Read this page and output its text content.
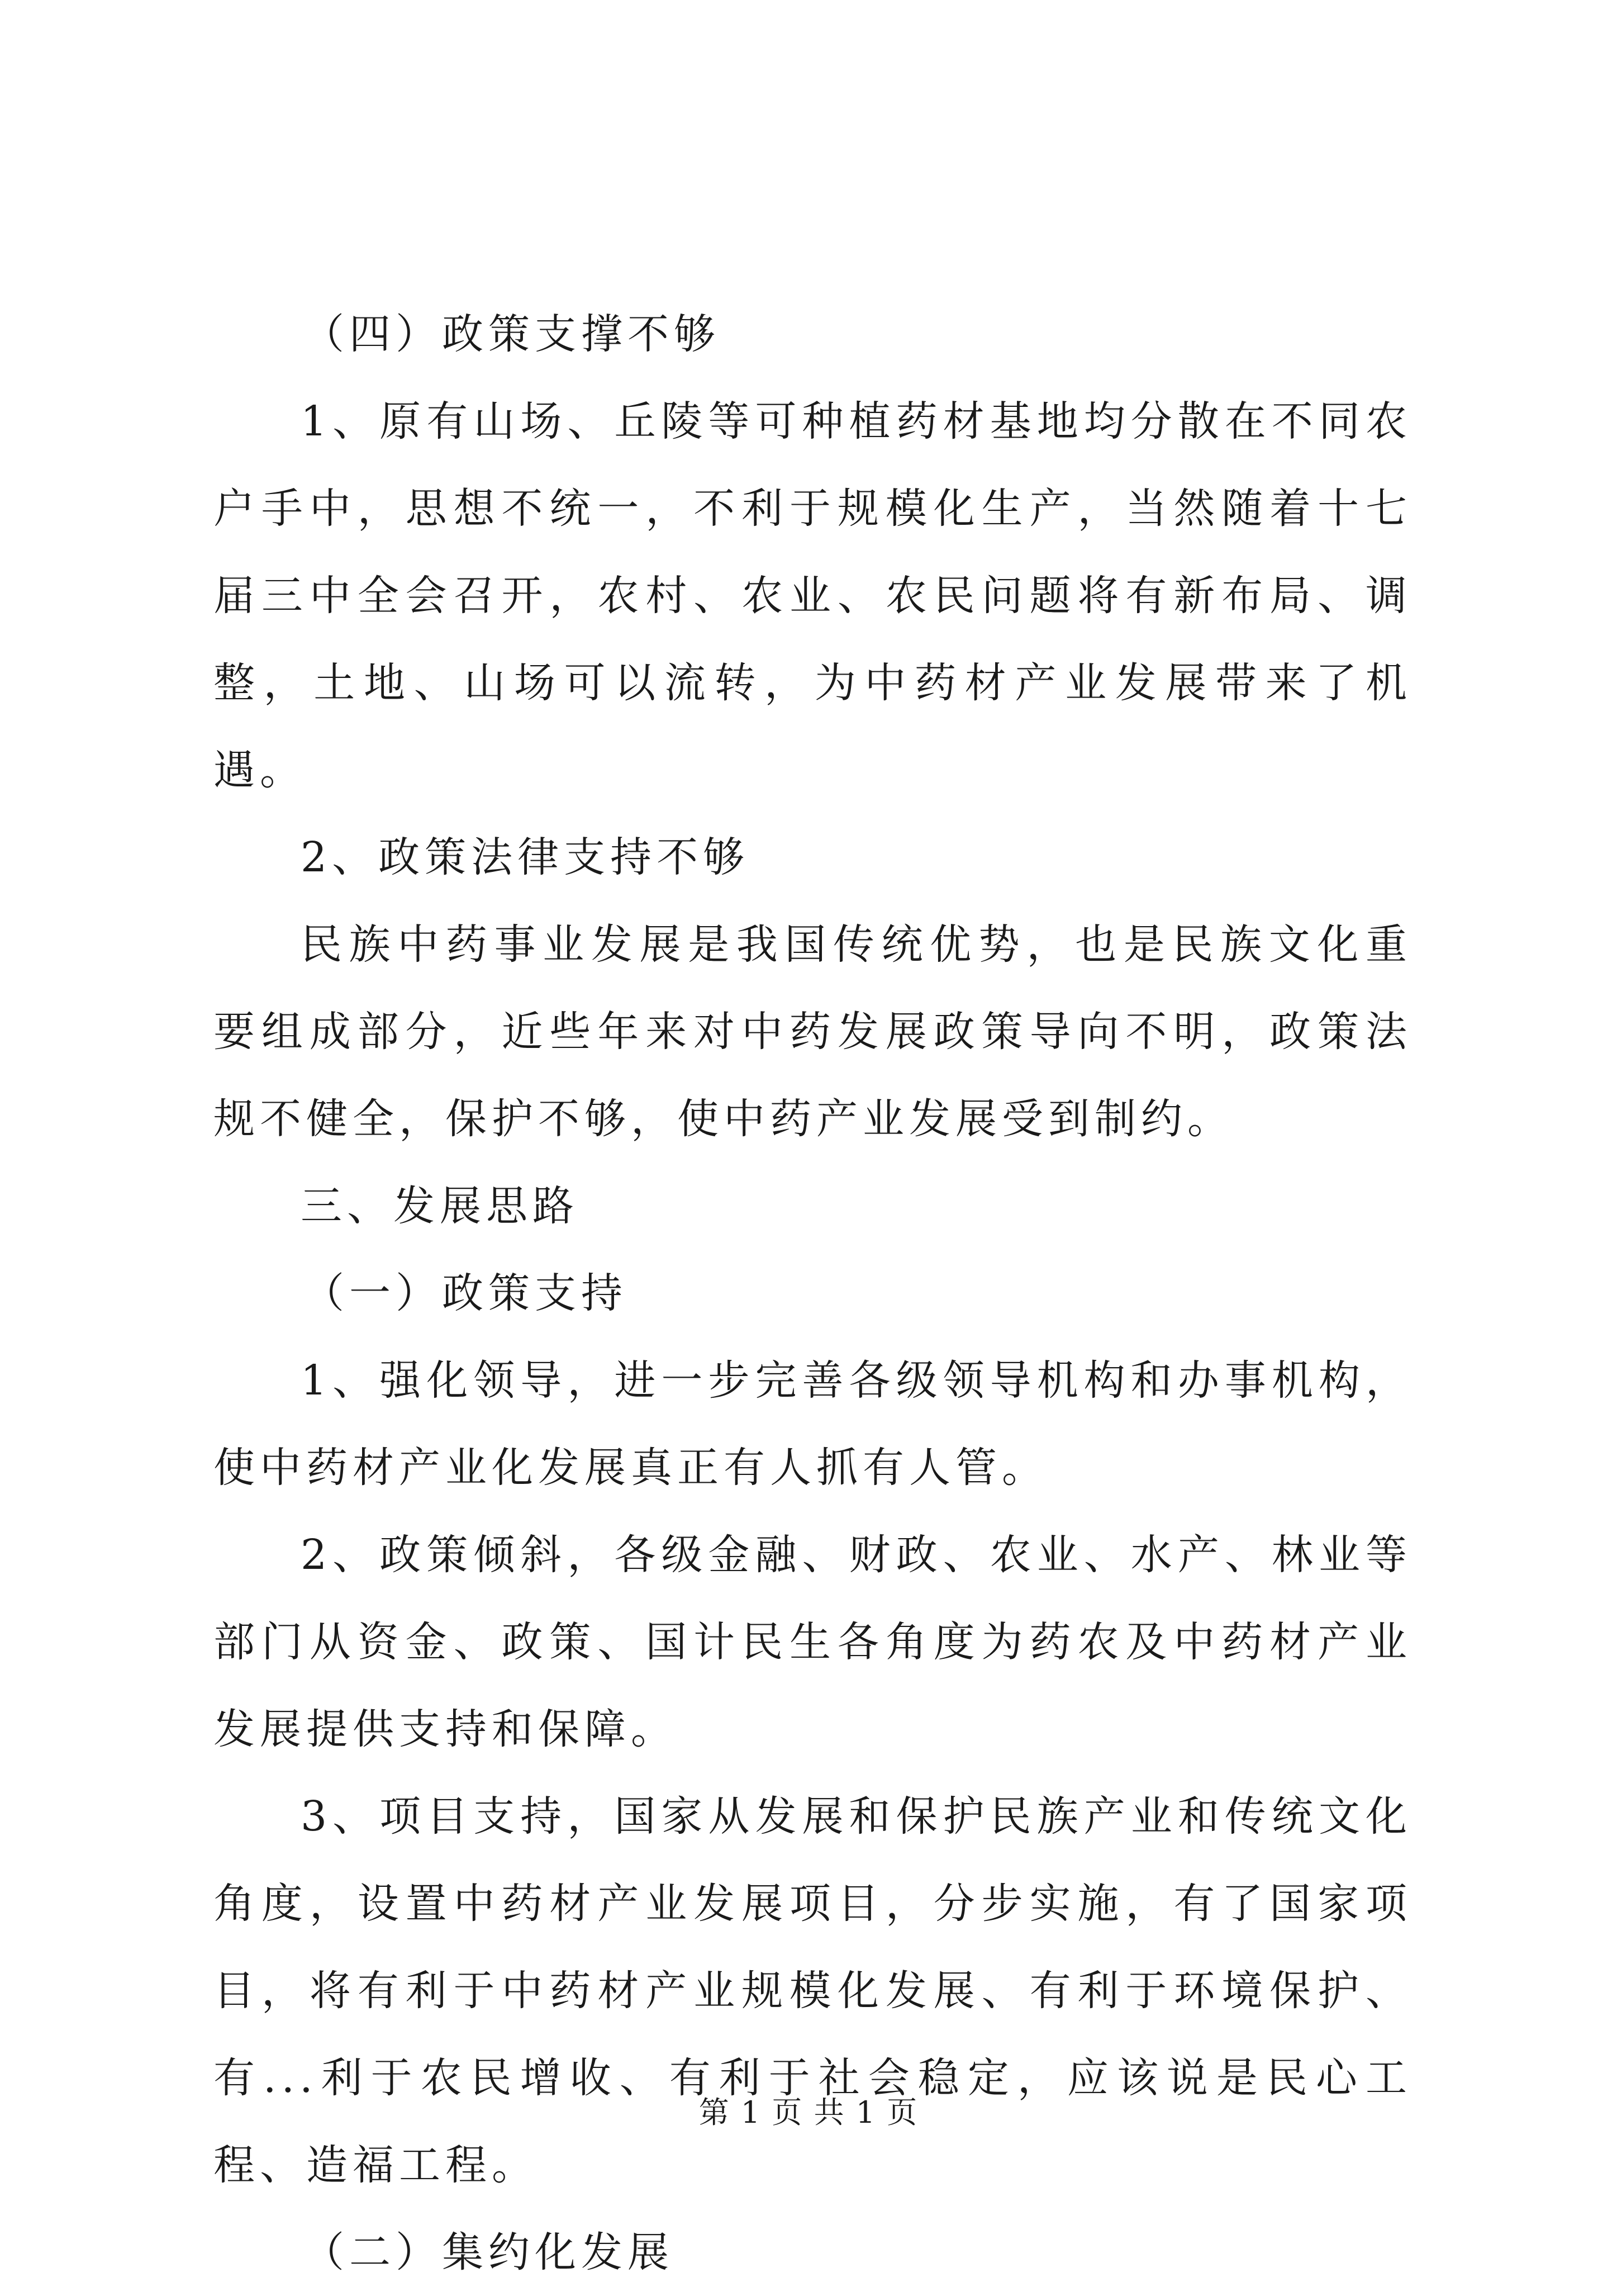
（四）政策支撑不够

1、原有山场、丘陵等可种植药材基地均分散在不同农户手中，思想不统一，不利于规模化生产，当然随着十七届三中全会召开，农村、农业、农民问题将有新布局、调整，土地、山场可以流转，为中药材产业发展带来了机遇。

2、政策法律支持不够

民族中药事业发展是我国传统优势，也是民族文化重要组成部分，近些年来对中药发展政策导向不明，政策法规不健全，保护不够，使中药产业发展受到制约。

三、发展思路

（一）政策支持

1、强化领导，进一步完善各级领导机构和办事机构，使中药材产业化发展真正有人抓有人管。

2、政策倾斜，各级金融、财政、农业、水产、林业等部门从资金、政策、国计民生各角度为药农及中药材产业发展提供支持和保障。

3、项目支持，国家从发展和保护民族产业和传统文化角度，设置中药材产业发展项目，分步实施，有了国家项目，将有利于中药材产业规模化发展、有利于环境保护、有...利于农民增收、有利于社会稳定，应该说是民心工程、造福工程。

（二）集约化发展

第 1 页 共 1 页
